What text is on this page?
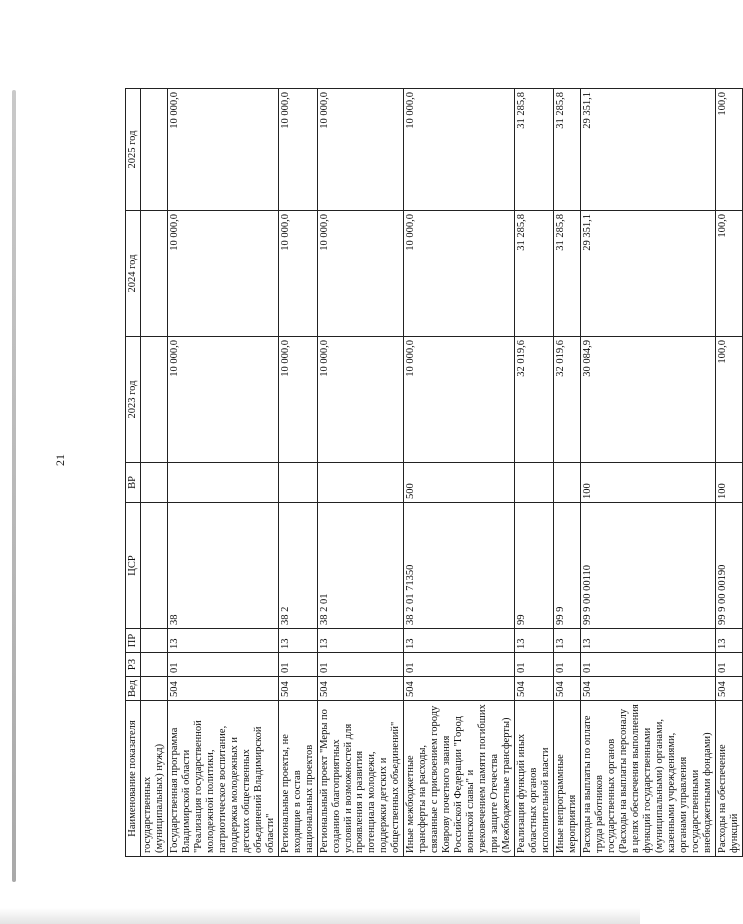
21
Наименование показателя	Вед	РЗ	ПР	ЦСР	ВР	2023 год	2024 год	2025 год
государственных (муниципальных) нужд)								
Государственная программа Владимирской области "Реализация государственной молодежной политики, патриотическое воспитание, поддержка молодежных и детских общественных объединений Владимирской области"	504	01	13	38		10 000,0	10 000,0	10 000,0
Региональные проекты, не входящие в состав национальных проектов	504	01	13	38 2		10 000,0	10 000,0	10 000,0
Региональный проект "Меры по созданию благоприятных условий и возможностей для проявления и развития потенциала молодежи, поддержки детских и общественных объединений"	504	01	13	38 2 01		10 000,0	10 000,0	10 000,0
Иные межбюджетные трансферты на расходы, связанные с присвоением городу Коврову почетного звания Российской Федерации "Город воинской славы" и увековечением памяти погибших при защите Отечества (Межбюджетные трансферты)	504	01	13	38 2 01 71350	500	10 000,0	10 000,0	10 000,0
Реализация функций иных областных органов исполнительной власти	504	01	13	99		32 019,6	31 285,8	31 285,8
Иные непрограммные мероприятия	504	01	13	99 9		32 019,6	31 285,8	31 285,8
Расходы на выплаты по оплате труда работников государственных органов (Расходы на выплаты персоналу в целях обеспечения выполнения функций государственными (муниципальными) органами, казенными учреждениями, органами управления государственными внебюджетными фондами)	504	01	13	99 9 00 00110	100	30 084,9	29 351,1	29 351,1
Расходы на обеспечение функций	504	01	13	99 9 00 00190	100	100,0	100,0	100,0
